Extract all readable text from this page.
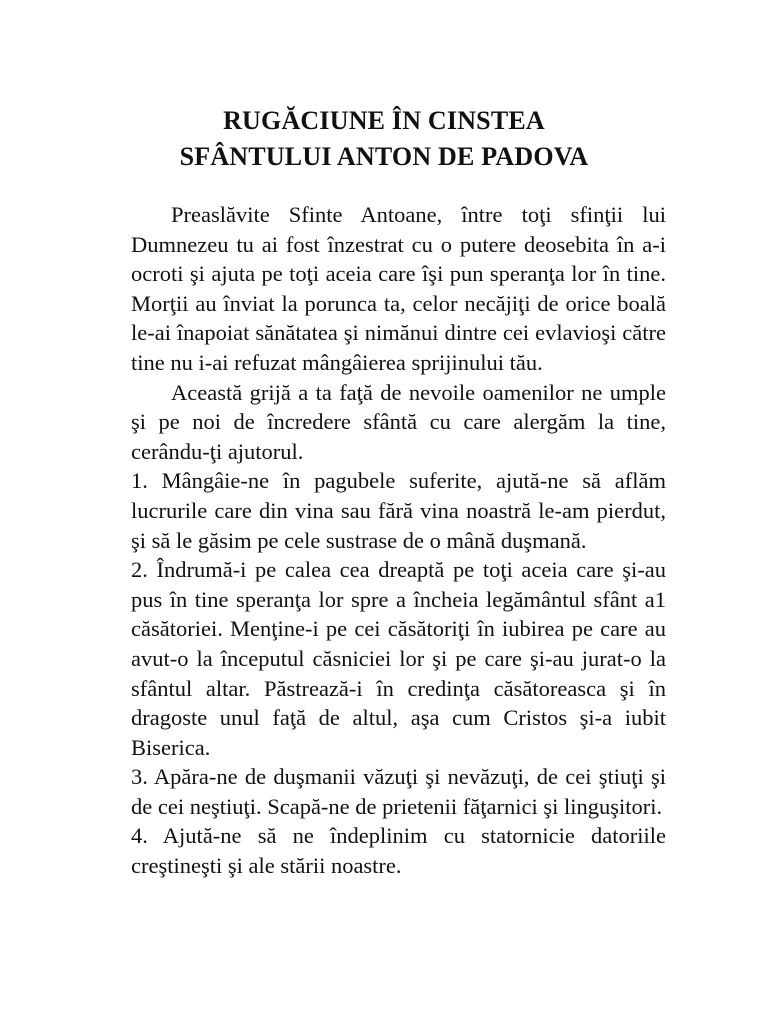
RUGĂCIUNE ÎN CINSTEA
SFÂNTULUI ANTON DE PADOVA

Preaslăvite Sfinte Antoane, între toţi sfinţii lui Dumnezeu tu ai fost înzestrat cu o putere deosebita în a-i ocroti şi ajuta pe toţi aceia care îşi pun speranţa lor în tine. Morţii au înviat la porunca ta, celor necăjiţi de orice boală le-ai înapoiat sănătatea şi nimănui dintre cei evlavioşi către tine nu i-ai refuzat mângâierea sprijinului tău.

Această grijă a ta faţă de nevoile oamenilor ne umple şi pe noi de încredere sfântă cu care alergăm la tine, cerându-ţi ajutorul.

1. Mângâie-ne în pagubele suferite, ajută-ne să aflăm lucrurile care din vina sau fără vina noastră le-am pierdut, şi să le găsim pe cele sustrase de o mână duşmană.

2. Îndrumă-i pe calea cea dreaptă pe toţi aceia care şi-au pus în tine speranţa lor spre a încheia legământul sfânt a1 căsătoriei. Menţine-i pe cei căsătoriţi în iubirea pe care au avut-o la începutul căsniciei lor şi pe care şi-au jurat-o la sfântul altar. Păstrează-i în credinţa căsătoreasca şi în dragoste unul faţă de altul, aşa cum Cristos şi-a iubit Biserica.

3. Apăra-ne de duşmanii văzuţi şi nevăzuţi, de cei ştiuţi şi de cei neştiuţi. Scapă-ne de prietenii făţarnici şi linguşitori.

4. Ajută-ne să ne îndeplinim cu statornicie datoriile creştineşti şi ale stării noastre.
